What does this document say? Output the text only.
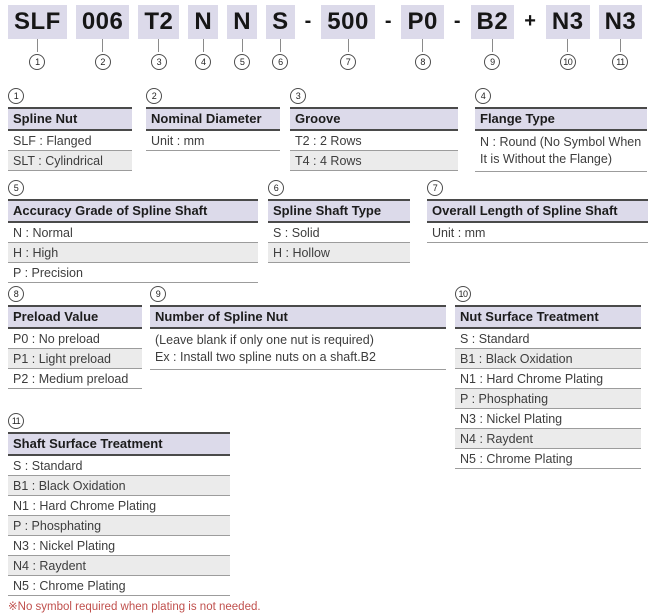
SLF
1
006
2
T2
3
N
4
N
5
S
6
- 500
7
- P0
8
- B2
9
+ N3
10
N3
11
1
Spline Nut
SLF : Flanged
SLT : Cylindrical
2
Nominal Diameter
Unit : mm
3
Groove
T2 : 2 Rows
T4 : 4 Rows
4
Flange Type
N : Round (No Symbol When It is Without the Flange)
5
Accuracy Grade of Spline Shaft
N : Normal
H : High
P : Precision
6
Spline Shaft Type
S : Solid
H : Hollow
7
Overall Length of Spline Shaft
Unit : mm
8
Preload Value
P0 : No preload
P1 : Light preload
P2 : Medium preload
9
Number of Spline Nut
(Leave blank if only one nut is required)
Ex : Install two spline nuts on a shaft.B2
10
Nut Surface Treatment
S : Standard
B1 : Black Oxidation
N1 : Hard Chrome Plating
P : Phosphating
N3 : Nickel Plating
N4 : Raydent
N5 : Chrome Plating
11
Shaft Surface Treatment
S : Standard
B1 : Black Oxidation
N1 : Hard Chrome Plating
P : Phosphating
N3 : Nickel Plating
N4 : Raydent
N5 : Chrome Plating
※No symbol required when plating is not needed.
